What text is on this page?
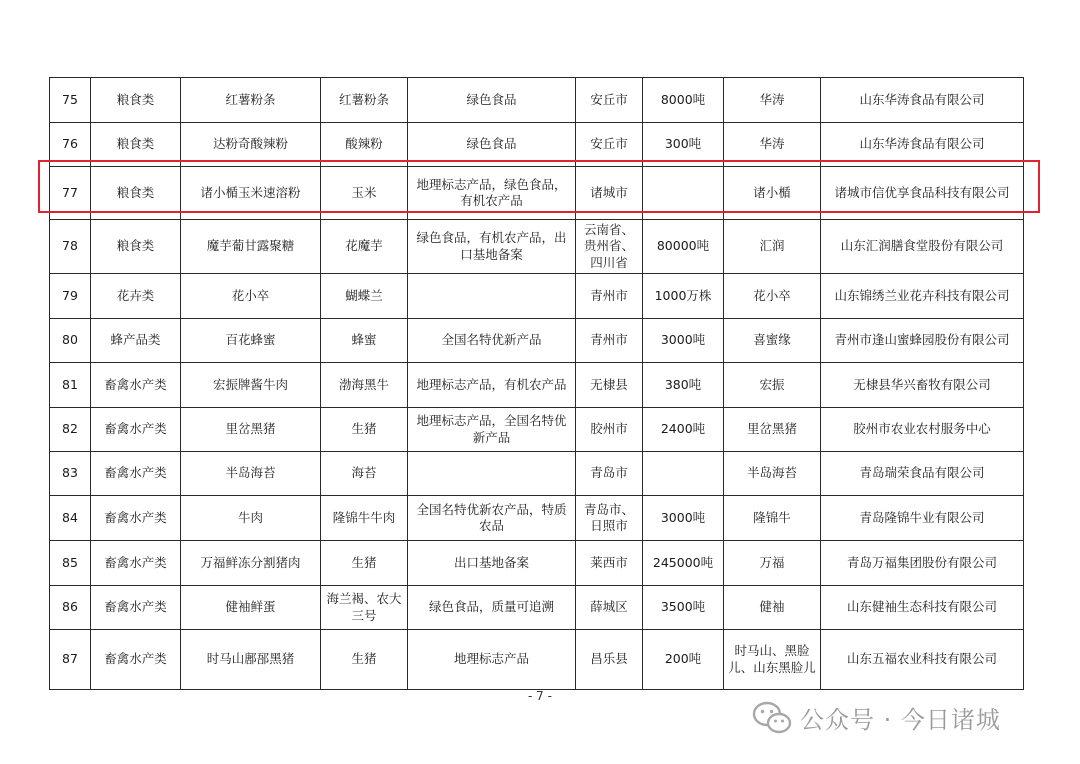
75	粮食类	红薯粉条	红薯粉条	绿色食品	安丘市	8000吨	华涛	山东华涛食品有限公司
76	粮食类	达粉奇酸辣粉	酸辣粉	绿色食品	安丘市	300吨	华涛	山东华涛食品有限公司
77	粮食类	诸小楯玉米速溶粉	玉米	地理标志产品，绿色食品，有机农产品	诸城市		诸小楯	诸城市信优享食品科技有限公司
78	粮食类	魔芋葡甘露聚糖	花魔芋	绿色食品，有机农产品，出口基地备案	云南省、贵州省、四川省	80000吨	汇润	山东汇润膳食堂股份有限公司
79	花卉类	花小卒	蝴蝶兰		青州市	1000万株	花小卒	山东锦绣兰业花卉科技有限公司
80	蜂产品类	百花蜂蜜	蜂蜜	全国名特优新产品	青州市	3000吨	喜蜜缘	青州市逢山蜜蜂园股份有限公司
81	畜禽水产类	宏振牌酱牛肉	渤海黑牛	地理标志产品，有机农产品	无棣县	380吨	宏振	无棣县华兴畜牧有限公司
82	畜禽水产类	里岔黑猪	生猪	地理标志产品，全国名特优新产品	胶州市	2400吨	里岔黑猪	胶州市农业农村服务中心
83	畜禽水产类	半岛海苔	海苔		青岛市		半岛海苔	青岛瑞荣食品有限公司
84	畜禽水产类	牛肉	隆锦牛牛肉	全国名特优新农产品，特质农品	青岛市、日照市	3000吨	隆锦牛	青岛隆锦牛业有限公司
85	畜禽水产类	万福鲜冻分割猪肉	生猪	出口基地备案	莱西市	245000吨	万福	青岛万福集团股份有限公司
86	畜禽水产类	健袖鲜蛋	海兰褐、农大三号	绿色食品，质量可追溯	薛城区	3500吨	健袖	山东健袖生态科技有限公司
87	畜禽水产类	时马山鄌郚黑猪	生猪	地理标志产品	昌乐县	200吨	时马山、黑脸儿、山东黑脸儿	山东五福农业科技有限公司
- 7 -
公众号 · 今日诸城
